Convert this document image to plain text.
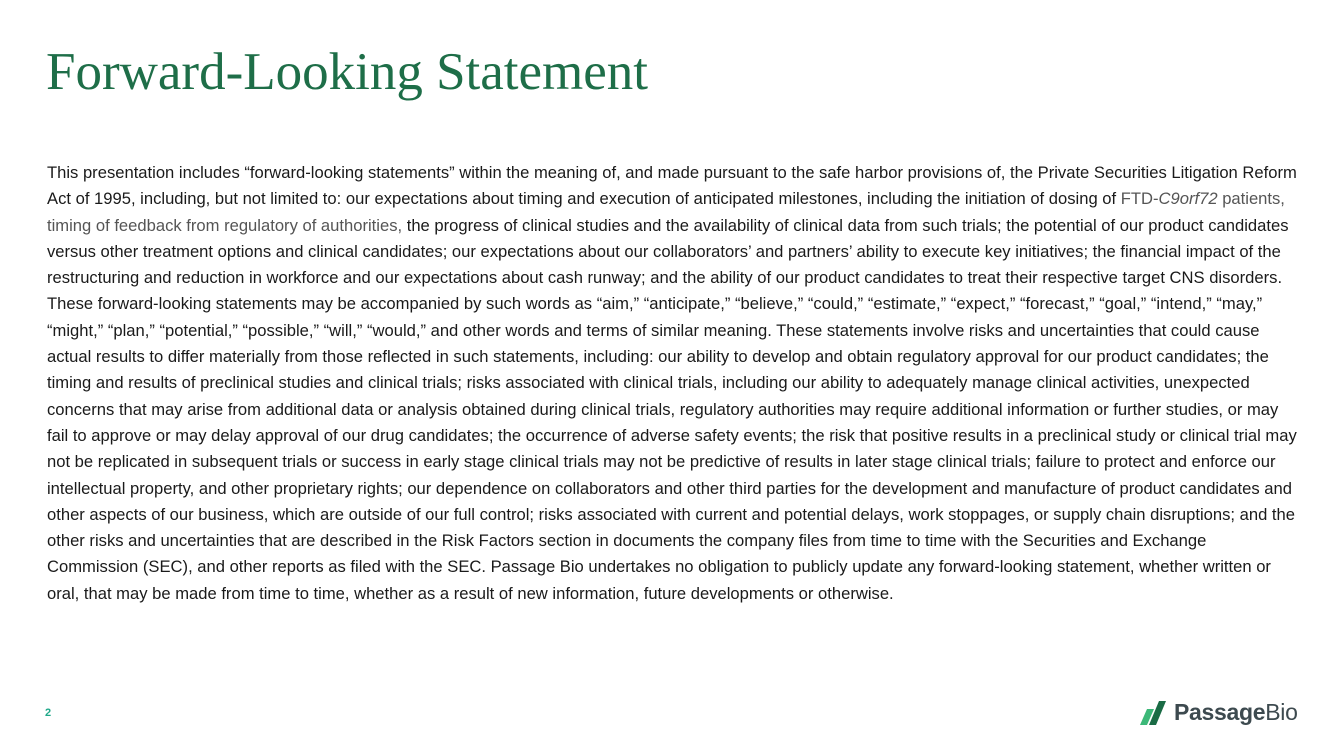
Forward-Looking Statement

This presentation includes “forward-looking statements” within the meaning of, and made pursuant to the safe harbor provisions of, the Private Securities Litigation Reform Act of 1995, including, but not limited to: our expectations about timing and execution of anticipated milestones, including the initiation of dosing of FTD-C9orf72 patients, timing of feedback from regulatory of authorities, the progress of clinical studies and the availability of clinical data from such trials; the potential of our product candidates versus other treatment options and clinical candidates; our expectations about our collaborators’ and partners’ ability to execute key initiatives; the financial impact of the restructuring and reduction in workforce and our expectations about cash runway; and the ability of our product candidates to treat their respective target CNS disorders. These forward-looking statements may be accompanied by such words as “aim,” “anticipate,” “believe,” “could,” “estimate,” “expect,” “forecast,” “goal,” “intend,” “may,” “might,” “plan,” “potential,” “possible,” “will,” “would,” and other words and terms of similar meaning. These statements involve risks and uncertainties that could cause actual results to differ materially from those reflected in such statements, including: our ability to develop and obtain regulatory approval for our product candidates; the timing and results of preclinical studies and clinical trials; risks associated with clinical trials, including our ability to adequately manage clinical activities, unexpected concerns that may arise from additional data or analysis obtained during clinical trials, regulatory authorities may require additional information or further studies, or may fail to approve or may delay approval of our drug candidates; the occurrence of adverse safety events; the risk that positive results in a preclinical study or clinical trial may not be replicated in subsequent trials or success in early stage clinical trials may not be predictive of results in later stage clinical trials; failure to protect and enforce our intellectual property, and other proprietary rights; our dependence on collaborators and other third parties for the development and manufacture of product candidates and other aspects of our business, which are outside of our full control; risks associated with current and potential delays, work stoppages, or supply chain disruptions; and the other risks and uncertainties that are described in the Risk Factors section in documents the company files from time to time with the Securities and Exchange Commission (SEC), and other reports as filed with the SEC. Passage Bio undertakes no obligation to publicly update any forward-looking statement, whether written or oral, that may be made from time to time, whether as a result of new information, future developments or otherwise.

2	PassageBio
